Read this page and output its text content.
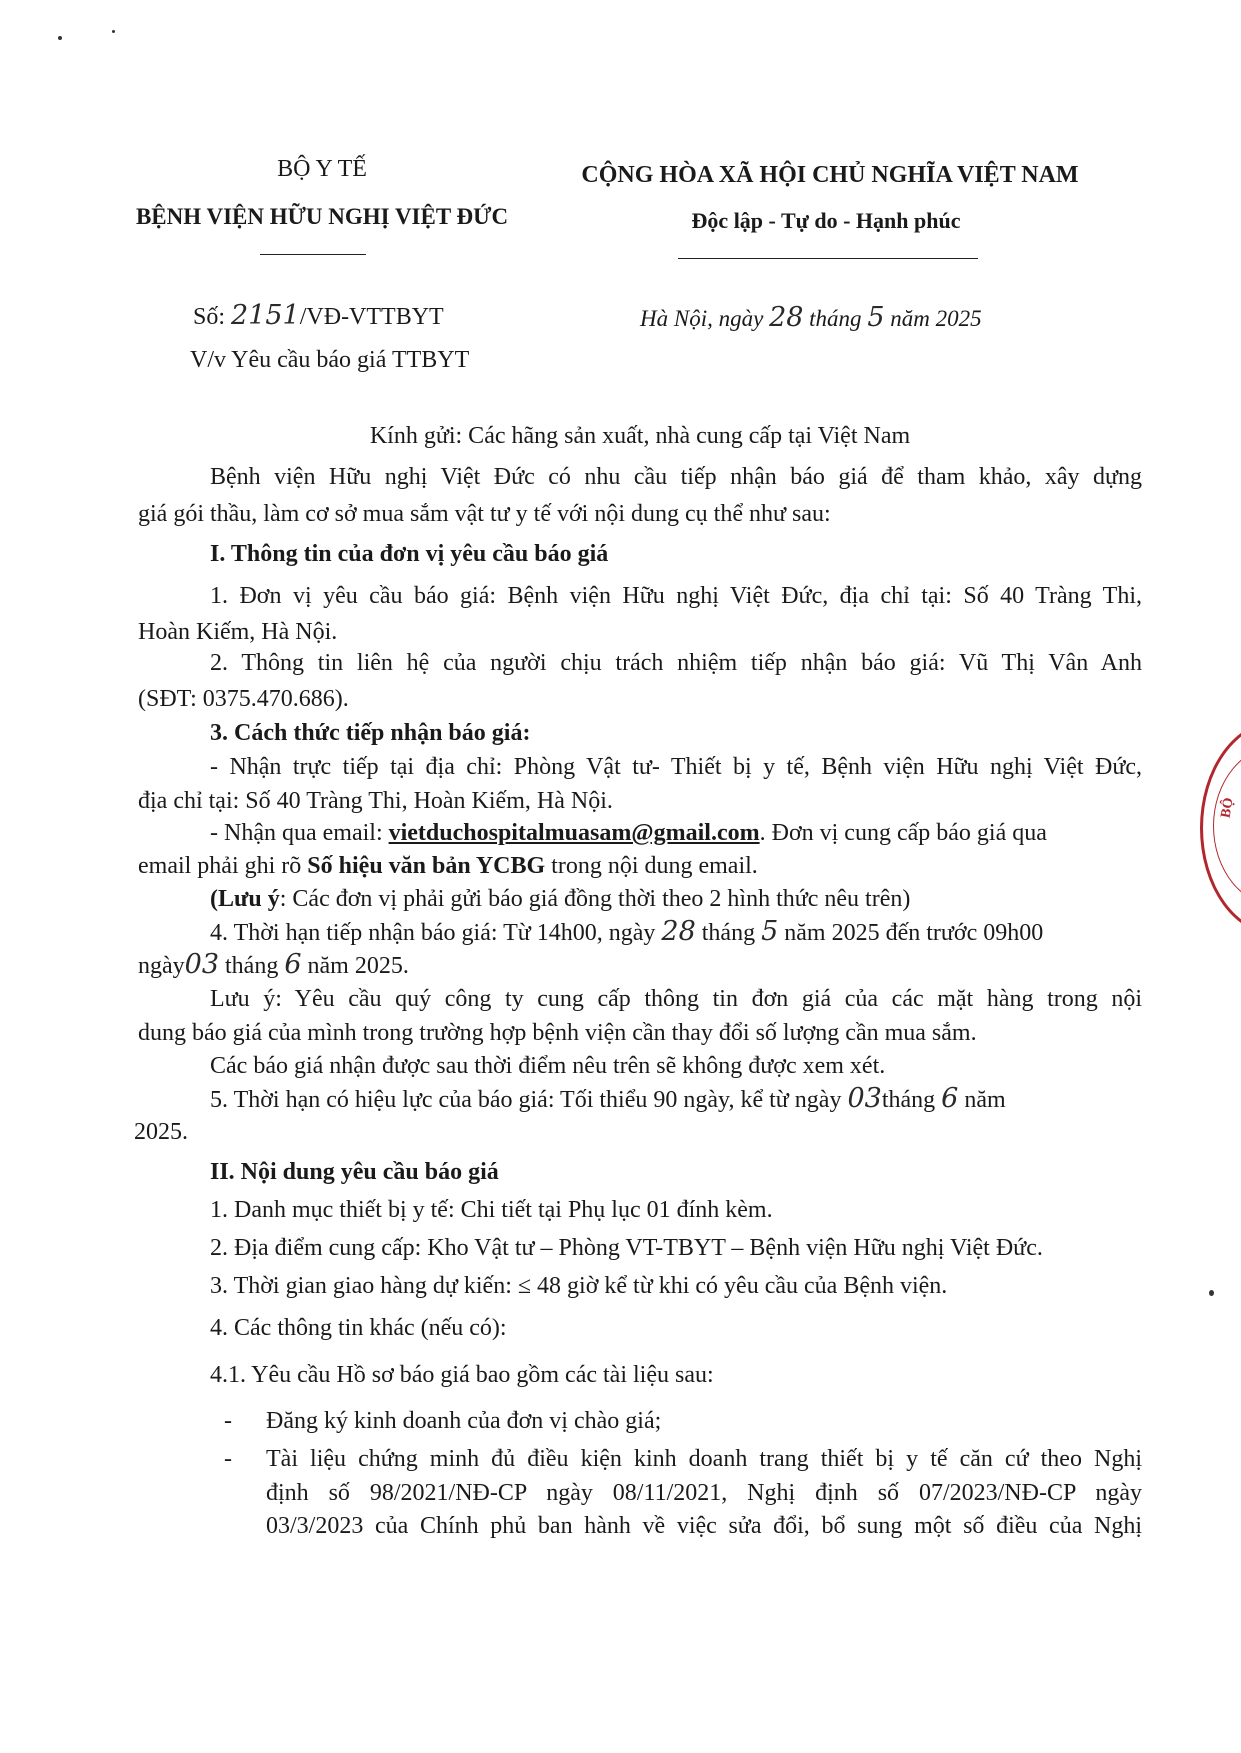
BỘ Y TẾ
BỆNH VIỆN HỮU NGHỊ VIỆT ĐỨC
CỘNG HÒA XÃ HỘI CHỦ NGHĨA VIỆT NAM
Độc lập - Tự do - Hạnh phúc
Số: 2151/VĐ-VTTBYT
V/v Yêu cầu báo giá TTBYT
Hà Nội, ngày 28 tháng 5 năm 2025
Kính gửi: Các hãng sản xuất, nhà cung cấp tại Việt Nam
Bệnh viện Hữu nghị Việt Đức có nhu cầu tiếp nhận báo giá để tham khảo, xây dựng
giá gói thầu, làm cơ sở mua sắm vật tư y tế với nội dung cụ thể như sau:
I. Thông tin của đơn vị yêu cầu báo giá
1. Đơn vị yêu cầu báo giá: Bệnh viện Hữu nghị Việt Đức, địa chỉ tại: Số 40 Tràng Thi,
Hoàn Kiếm, Hà Nội.
2. Thông tin liên hệ của người chịu trách nhiệm tiếp nhận báo giá: Vũ Thị Vân Anh
(SĐT: 0375.470.686).
3. Cách thức tiếp nhận báo giá:
- Nhận trực tiếp tại địa chỉ: Phòng Vật tư- Thiết bị y tế, Bệnh viện Hữu nghị Việt Đức,
địa chỉ tại: Số 40 Tràng Thi, Hoàn Kiếm, Hà Nội.
- Nhận qua email: vietduchospitalmuasam@gmail.com. Đơn vị cung cấp báo giá qua
email phải ghi rõ Số hiệu văn bản YCBG trong nội dung email.
(Lưu ý: Các đơn vị phải gửi báo giá đồng thời theo 2 hình thức nêu trên)
4. Thời hạn tiếp nhận báo giá: Từ 14h00, ngày 28 tháng 5 năm 2025 đến trước 09h00
ngày03 tháng 6 năm 2025.
Lưu ý: Yêu cầu quý công ty cung cấp thông tin đơn giá của các mặt hàng trong nội
dung báo giá của mình trong trường hợp bệnh viện cần thay đổi số lượng cần mua sắm.
Các báo giá nhận được sau thời điểm nêu trên sẽ không được xem xét.
5. Thời hạn có hiệu lực của báo giá: Tối thiểu 90 ngày, kể từ ngày 03tháng 6 năm
2025.
II. Nội dung yêu cầu báo giá
1. Danh mục thiết bị y tế: Chi tiết tại Phụ lục 01 đính kèm.
2. Địa điểm cung cấp: Kho Vật tư – Phòng VT-TBYT – Bệnh viện Hữu nghị Việt Đức.
3. Thời gian giao hàng dự kiến: ≤ 48 giờ kể từ khi có yêu cầu của Bệnh viện.
4. Các thông tin khác (nếu có):
4.1. Yêu cầu Hồ sơ báo giá bao gồm các tài liệu sau:
- Đăng ký kinh doanh của đơn vị chào giá;
- Tài liệu chứng minh đủ điều kiện kinh doanh trang thiết bị y tế căn cứ theo Nghị
định số 98/2021/NĐ-CP ngày 08/11/2021, Nghị định số 07/2023/NĐ-CP ngày
03/3/2023 của Chính phủ ban hành về việc sửa đổi, bổ sung một số điều của Nghị
BỘ
